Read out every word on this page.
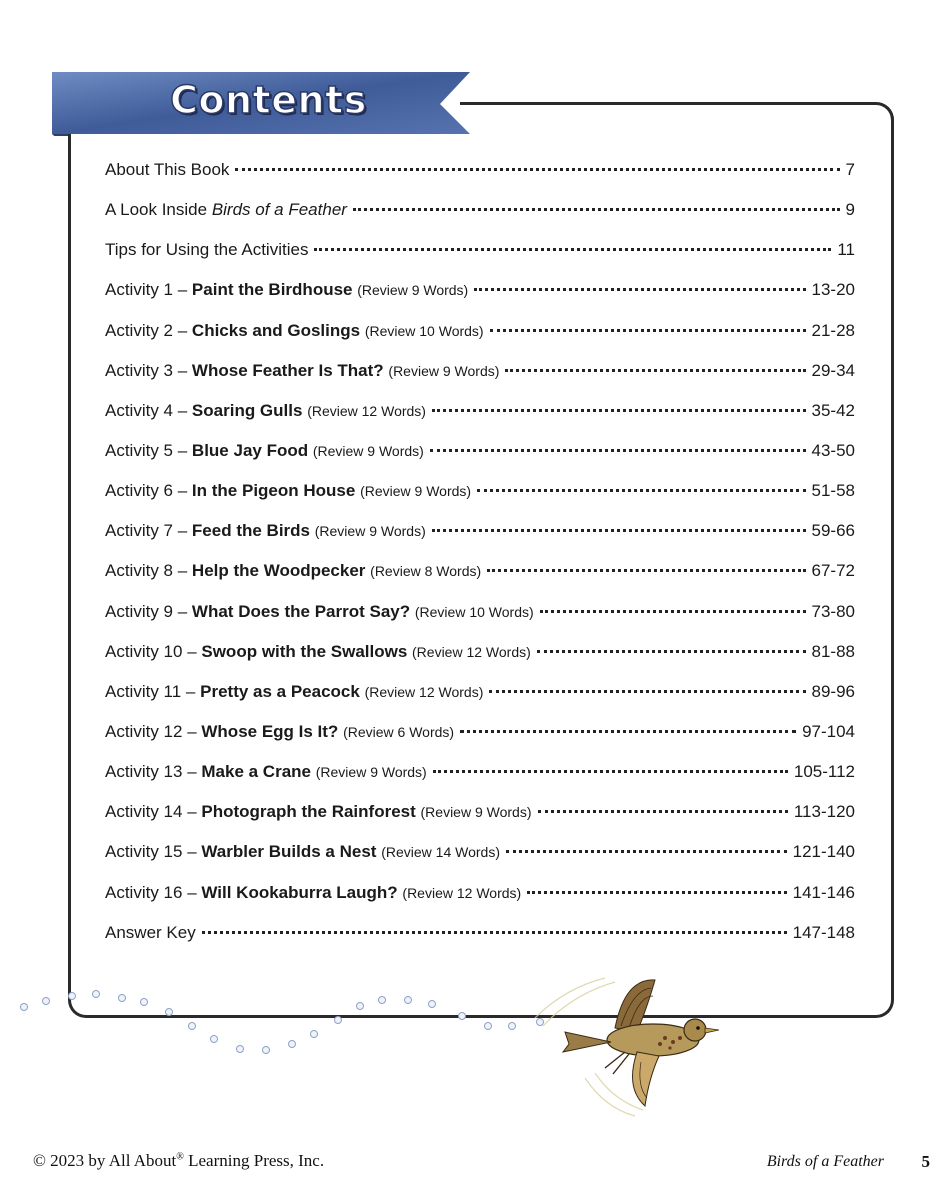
Contents
About This Book	7
A Look Inside Birds of a Feather	9
Tips for Using the Activities	11
Activity 1 – Paint the Birdhouse (Review 9 Words)	13-20
Activity 2 – Chicks and Goslings (Review 10 Words)	21-28
Activity 3 – Whose Feather Is That? (Review 9 Words)	29-34
Activity 4 – Soaring Gulls (Review 12 Words)	35-42
Activity 5 – Blue Jay Food (Review 9 Words)	43-50
Activity 6 – In the Pigeon House (Review 9 Words)	51-58
Activity 7 – Feed the Birds (Review 9 Words)	59-66
Activity 8 – Help the Woodpecker (Review 8 Words)	67-72
Activity 9 – What Does the Parrot Say? (Review 10 Words)	73-80
Activity 10 – Swoop with the Swallows (Review 12 Words)	81-88
Activity 11 – Pretty as a Peacock (Review 12 Words)	89-96
Activity 12 – Whose Egg Is It? (Review 6 Words)	97-104
Activity 13 – Make a Crane (Review 9 Words)	105-112
Activity 14 – Photograph the Rainforest (Review 9 Words)	113-120
Activity 15 – Warbler Builds a Nest (Review 14 Words)	121-140
Activity 16 – Will Kookaburra Laugh? (Review 12 Words)	141-146
Answer Key	147-148
© 2023 by All About® Learning Press, Inc.	Birds of a Feather 5
